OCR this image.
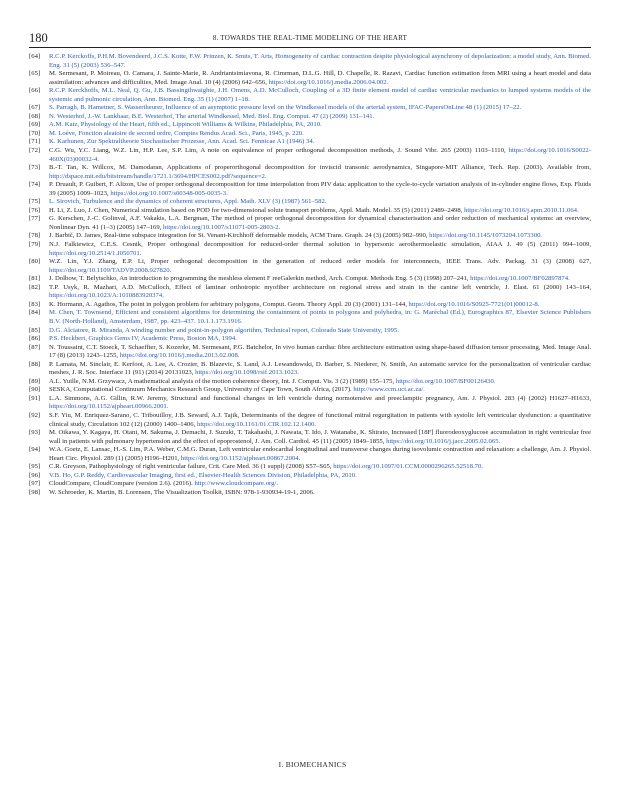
180	8. TOWARDS THE REAL-TIME MODELING OF THE HEART
[64]	R.C.P. Kerckoffs, P.H.M. Bovendeerd, J.C.S. Kotte, F.W. Prinzen, K. Smits, T. Arts, Homogeneity of cardiac contraction despite physiological asynchrony of depolarization: a model study, Ann. Biomed. Eng. 31 (5) (2003) 536–547.
[65]	M. Sermesant, P. Moireau, O. Camara, J. Sainte-Marie, R. Andriantsimiavona, R. Cimrman, D.L.G. Hill, D. Chapelle, R. Razavi, Cardiac function estimation from MRI using a heart model and data assimilation: advances and difficulties, Med. Image Anal. 10 (4) (2006) 642–656, https://doi.org/10.1016/j.media.2006.04.002.
[66]	R.C.P. Kerckhoffs, M.L. Neal, Q. Gu, J.B. Bassingthwaighte, J.H. Omens, A.D. McCulloch, Coupling of a 3D finite element model of cardiac ventricular mechanics to lumped systems models of the systemic and pulmonic circulation, Ann. Biomed. Eng. 35 (1) (2007) 1–18.
[67]	S. Parragh, B. Hametner, S. Wassertheurer, Influence of an asymptotic pressure level on the Windkessel models of the arterial system, IFAC-PapersOnLine 48 (1) (2015) 17–22.
[68]	N. Westerhof, J.-W. Lankhaar, B.E. Westerhof, The arterial Windkessel, Med. Biol. Eng. Comput. 47 (2) (2009) 131–141.
[69]	A.M. Katz, Physiology of the Heart, fifth ed., Lippincott Williams & Wilkins, Philadelphia, PA, 2010.
[70]	M. Loève, Fonction aleatoire de second ordre, Comptes Rendus Acad. Sci., Paris, 1945, p. 220.
[71]	K. Karhunen, Zur Spektraltheorie Stochastischer Prozesse, Ann. Acad. Sci. Fennicae A1 (1946) 34.
[72]	C.G. Wu, Y.C. Liang, W.Z. Lin, H.P. Lee, S.P. Lim, A note on equivalence of proper orthogonal decomposition methods, J. Sound Vibr. 265 (2003) 1103–1110, https://doi.org/10.1016/S0022-460X(03)00032-4.
[73]	B.-T. Tan, K. Willcox, M. Damodaran, Applications of properorthogonal decomposition for inviscid transonic aerodynamics, Singapore-MIT Alliance, Tech. Rep. (2003). Available from, http://dspace.mit.edu/bitstream/handle/1721.1/3694/HPCES002.pdf?sequence=2.
[74]	P. Druault, P. Guibert, F. Alizon, Use of proper orthogonal decomposition for time interpolation from PIV data: application to the cycle-to-cycle variation analysis of in-cylinder engine flows, Exp. Fluids 39 (2005) 1009–1023, https://doi.org/10.1007/s00348-005-0035-3.
[75]	L. Sirovich, Turbulence and the dynamics of coherent structures, Appl. Math. XLV (3) (1987) 561–582.
[76]	H. Li, Z. Luo, J. Chen, Numerical simulation based on POD for two-dimensional solute transport problems, Appl. Math. Model. 35 (5) (2011) 2489–2498, https://doi.org/10.1016/j.apm.2010.11.064.
[77]	G. Kerschen, J.-C. Golinval, A.F. Vakakis, L.A. Bergman, The method of proper orthogonal decomposition for dynamical characterisation and order reduction of mechanical systems: an overview, Nonlinear Dyn. 41 (1–3) (2005) 147–169, https://doi.org/10.1007/s11071-005-2803-2.
[78]	J. Barbič, D. James, Real-time subspace integration for St. Venant-Kirchhoff deformable models, ACM Trans. Graph. 24 (3) (2005) 982–990, https://doi.org/10.1145/1073204.1073300.
[79]	N.J. Falkiewicz, C.E.S. Cesnik, Proper orthogonal decomposition for reduced-order thermal solution in hypersonic aerothermoelastic simulation, AIAA J. 49 (5) (2011) 994–1009, https://doi.org/10.2514/1.J050701.
[80]	W.Z. Lin, Y.J. Zhang, E.P. Li, Proper orthogonal decomposition in the generation of reduced order models for interconnects, IEEE Trans. Adv. Packag. 31 (3) (2008) 627, https://doi.org/10.1109/TADVP.2008.927820.
[81]	J. Dolbow, T. Belytschko, An introduction to programming the meshless element F reeGalerkin method, Arch. Comput. Methods Eng. 5 (3) (1998) 207–241, https://doi.org/10.1007/BF02897874.
[82]	T.P. Usyk, R. Mazhari, A.D. McCulloch, Effect of laminar orthotropic myofiber architecture on regional stress and strain in the canine left ventricle, J. Elast. 61 (2000) 143–164, https://doi.org/10.1023/A:1010883920374.
[83]	K. Hormann, A. Agathos, The point in polygon problem for arbitrary polygons, Comput. Geom. Theory Appl. 20 (3) (2001) 131–144, https://doi.org/10.1016/S0925-7721(01)00012-8.
[84]	M. Chen, T. Townsend, Efficient and consistent algorithms for determining the containment of points in polygons and polyhedra, in: G. Maréchal (Ed.), Eurographics 87, Elsevier Science Publishers B.V. (North-Holland), Amsterdam, 1987, pp. 423–437. 10.1.1.173.1916.
[85]	D.G. Alciatore, R. Miranda, A winding number and point-in-polygon algorithm, Technical report, Colorado State University, 1995.
[86]	P.S. Heckbert, Graphics Gems IV, Academic Press, Boston MA, 1994.
[87]	N. Toussaint, C.T. Stoeck, T. Schaeffter, S. Kozerke, M. Sermesant, P.G. Batchelor, In vivo human cardiac fibre architecture estimation using shape-based diffusion tensor processing, Med. Image Anal. 17 (8) (2013) 1243–1255, https://doi.org/10.1016/j.media.2013.02.008.
[88]	P. Lamata, M. Sinclair, E. Kerfoot, A. Lee, A. Crozier, B. Blazevic, S. Land, A.J. Lewandowski, D. Barber, S. Niederer, N. Smith, An automatic service for the personalization of ventricular cardiac meshes, J. R. Soc. Interface 11 (91) (2014) 20131023, https://doi.org/10.1098/rsif.2013.1023.
[89]	A.L. Yuille, N.M. Grzywacz, A mathematical analysis of the motion coherence theory, Int. J. Comput. Vis. 3 (2) (1989) 155–175, https://doi.org/10.1007/BF00126430.
[90]	SESKA, Computational Continuum Mechanics Research Group, University of Cape Town, South Africa, (2017). http://www.ccm.uct.ac.za/.
[91]	L.A. Simmons, A.G. Gillin, R.W. Jeremy, Structural and functional changes in left ventricle during normotensive and preeclamptic pregnancy, Am. J. Physiol. 283 (4) (2002) H1627–H1633, https://doi.org/10.1152/ajpheart.00966.2001.
[92]	S.F. Yiu, M. Enriquez-Sarano, C. Tribouilloy, J.B. Seward, A.J. Tajik, Determinants of the degree of functional mitral regurgitation in patients with systolic left ventricular dysfunction: a quantitative clinical study, Circulation 102 (12) (2000) 1400–1406, https://doi.org/10.1161/01.CIR.102.12.1400.
[93]	M. Oikawa, Y. Kagaya, H. Otani, M. Sakuma, J. Demachi, J. Suzuki, T. Takahashi, J. Nawata, T. Ido, J. Watanabe, K. Shirato, Increased [18F] fluorodeoxyglucose accumulation in right ventricular free wall in patients with pulmonary hypertension and the effect of epoprostenol, J. Am. Coll. Cardiol. 45 (11) (2005) 1849–1855, https://doi.org/10.1016/j.jacc.2005.02.065.
[94]	W.A. Goetz, E. Lansac, H.-S. Lim, P.A. Weber, C.M.G. Duran, Left ventricular endocardial longitudinal and transverse changes during isovolumic contraction and relaxation: a challenge, Am. J. Physiol. Heart Circ. Physiol. 289 (1) (2005) H196–H201, https://doi.org/10.1152/ajpheart.00867.2004.
[95]	C.R. Greyson, Pathophysiology of right ventricular failure, Crit. Care Med. 36 (1 suppl) (2008) S57–S65, https://doi.org/10.1097/01.CCM.0000296265.52518.70.
[96]	V.B. Ho, G.P. Reddy, Cardiovascular Imaging, first ed., Elsevier-Health Sciences Division, Philadelphia, PA, 2010.
[97]	CloudCompare, CloudCompare (version 2.6). (2016). http://www.cloudcompare.org/.
[98]	W. Schroeder, K. Martin, B. Lorensen, The Visualization Toolkit, ISBN: 978-1-930934-19-1, 2006.
I. BIOMECHANICS
